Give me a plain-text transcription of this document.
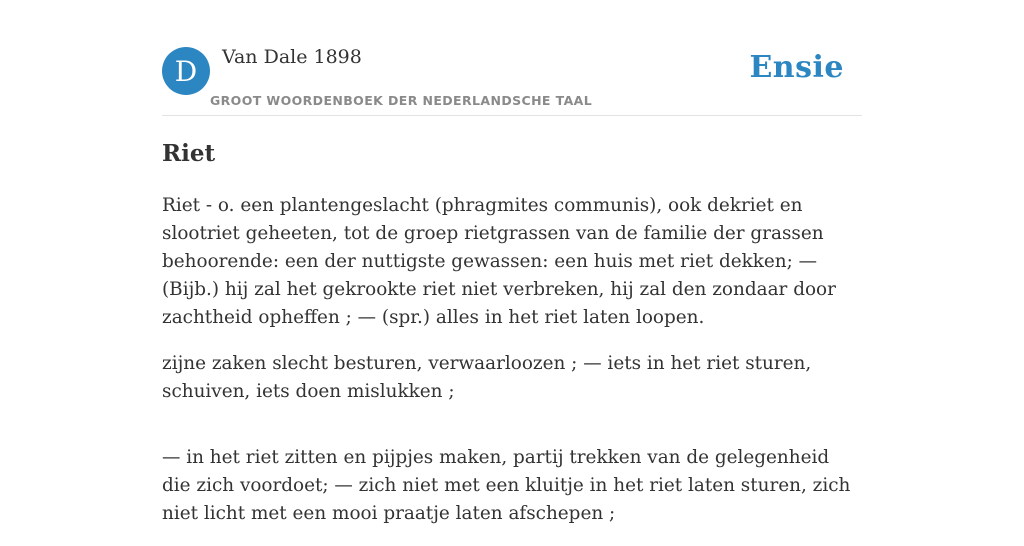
D	Van Dale 1898
GROOT WOORDENBOEK DER NEDERLANDSCHE TAAL
Ensie
Riet

Riet - o. een plantengeslacht (phragmites communis), ook dekriet en slootriet geheeten, tot de groep rietgrassen van de familie der grassen behoorende: een der nuttigste gewassen: een huis met riet dekken; — (Bijb.) hij zal het gekrookte riet niet verbreken, hij zal den zondaar door zachtheid opheffen ; — (spr.) alles in het riet laten loopen.

zijne zaken slecht besturen, verwaarloozen ; — iets in het riet sturen, schuiven, iets doen mislukken ;

— in het riet zitten en pijpjes maken, partij trekken van de gelegenheid die zich voordoet; — zich niet met een kluitje in het riet laten sturen, zich niet licht met een mooi praatje laten afschepen ;
